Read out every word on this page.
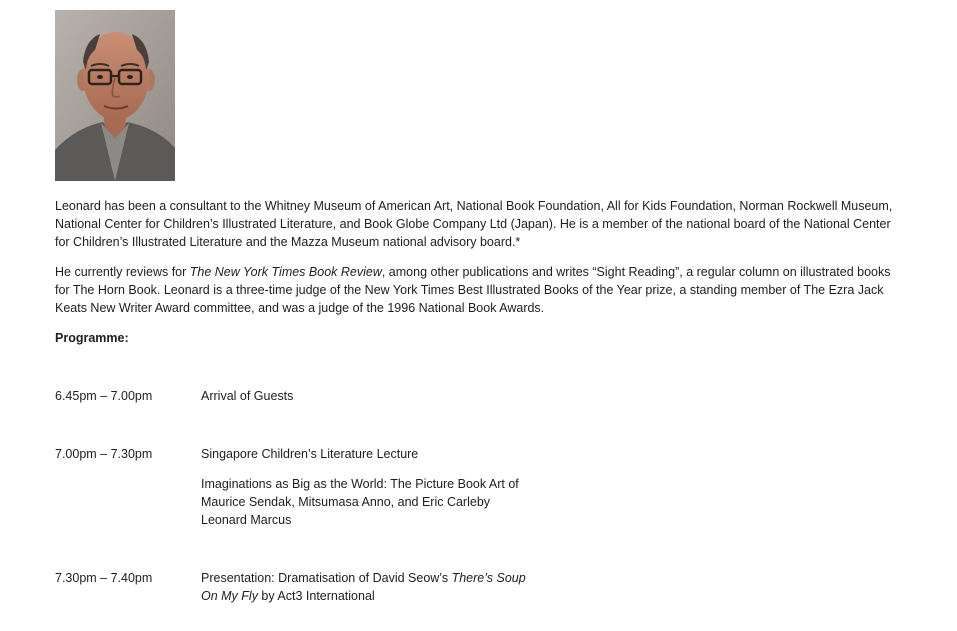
Leonard has been a consultant to the Whitney Museum of American Art, National Book Foundation, All for Kids Foundation, Norman Rockwell Museum, National Center for Children’s Illustrated Literature, and Book Globe Company Ltd (Japan). He is a member of the national board of the National Center for Children’s Illustrated Literature and the Mazza Museum national advisory board.*

He currently reviews for The New York Times Book Review, among other publications and writes “Sight Reading”, a regular column on illustrated books for The Horn Book. Leonard is a three-time judge of the New York Times Best Illustrated Books of the Year prize, a standing member of The Ezra Jack Keats New Writer Award committee, and was a judge of the 1996 National Book Awards.

Programme:

6.45pm – 7.00pm	Arrival of Guests
7.00pm – 7.30pm	Singapore Children’s Literature Lecture
Imaginations as Big as the World: The Picture Book Art of
Maurice Sendak, Mitsumasa Anno, and Eric Carleby
Leonard Marcus
7.30pm – 7.40pm	Presentation: Dramatisation of David Seow’s There’s Soup
On My Fly by Act3 International
